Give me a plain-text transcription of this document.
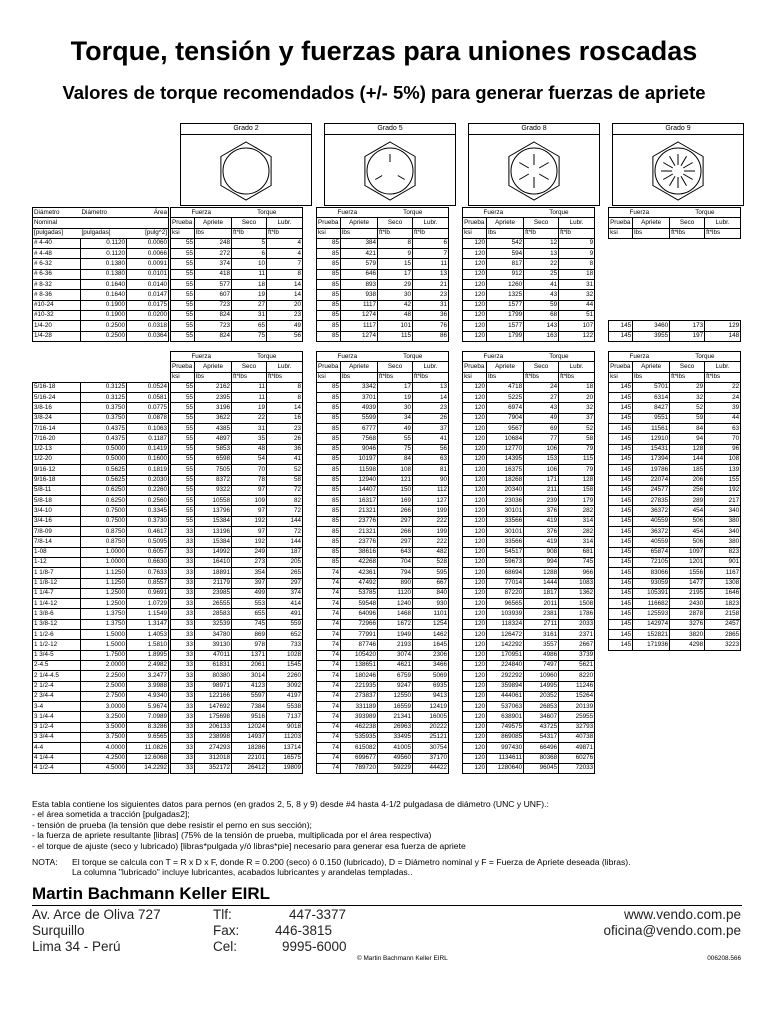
Torque, tensión y fuerzas para uniones roscadas
Valores de torque recomendados (+/- 5%) para generar fuerzas de apriete
Grado 2	Grado 5	Grado 8	Grado 9
Diámetro	Diámetro	Área		Fuerza		Torque			Fuerza		Torque			Fuerza		Torque			Fuerza		Torque	
Nominal				Prueba	Apriete	Seco	Lubr.		Prueba	Apriete	Seco	Lubr.		Prueba	Apriete	Seco	Lubr.		Prueba	Apriete	Seco	Lubr.
[pulgadas]	[pulgadas]	[pulg^2]		ksi	lbs	ft*lb	ft*lb		ksi	lbs	ft*lb	ft*lb		ksi	lbs	ft*lb	ft*lb		ksi	lbs	ft*lbs	ft*lbs
# 4-40	0.1120	0.0060		55	248	5	4		85	384	8	6		120	542	12	9					
# 4-48	0.1120	0.0066		55	272	6	4		85	421	9	7		120	594	13	9					
# 6-32	0.1380	0.0091		55	374	10	7		85	579	15	11		120	817	22	8					
# 6-36	0.1380	0.0101		55	418	11	8		85	646	17	13		120	912	25	18					
# 8-32	0.1640	0.0140		55	577	18	14		85	893	29	21		120	1260	41	31					
# 8-36	0.1640	0.0147		55	607	19	14		85	938	30	23		120	1325	43	32					
#10-24	0.1900	0.0175		55	723	27	20		85	1117	42	31		120	1577	59	44					
#10-32	0.1900	0.0200		55	824	31	23		85	1274	48	36		120	1799	68	51					
1/4-20	0.2500	0.0318		55	723	65	49		85	1117	101	76		120	1577	143	107		145	3460	173	129
1/4-28	0.2500	0.0364		55	824	75	56		85	1274	115	86		120	1799	163	122		145	3955	197	148
				Fuerza		Torque			Fuerza		Torque			Fuerza		Torque			Fuerza		Torque	
				Prueba	Apriete	Seco	Lubr.		Prueba	Apriete	Seco	Lubr.		Prueba	Apriete	Seco	Lubr.		Prueba	Apriete	Seco	Lubr.
				ksi	lbs	ft*lbs	ft*lbs		ksi	lbs	ft*lbs	ft*lbs		ksi	lbs	ft*lbs	ft*lbs		ksi	lbs	ft*lbs	ft*lbs
5/16-18	0.3125	0.0524		55	2162	11	8		85	3342	17	13		120	4718	24	18		145	5701	29	22
5/16-24	0.3125	0.0581		55	2395	11	8		85	3701	19	14		120	5225	27	20		145	6314	32	24
3/8-16	0.3750	0.0775		55	3196	19	14		85	4939	30	23		120	6974	43	32		145	8427	52	39
3/8-24	0.3750	0.0878		55	3622	22	16		85	5599	34	26		120	7904	49	37		145	9551	59	44
7/16-14	0.4375	0.1063		55	4385	31	23		85	6777	49	37		120	9567	69	52		145	11561	84	63
7/16-20	0.4375	0.1187		55	4897	35	26		85	7568	55	41		120	10684	77	58		145	12910	94	70
1/2-13	0.5000	0.1419		55	5853	48	36		85	9046	75	56		120	12770	106	79		145	15431	128	96
1/2-20	0.5000	0.1600		55	6598	54	41		85	10197	84	63		120	14395	153	115		145	17394	144	108
9/16-12	0.5625	0.1819		55	7505	70	52		85	11598	108	81		120	16375	106	79		145	19786	185	139
9/16-18	0.5625	0.2030		55	8372	78	58		85	12940	121	90		120	18268	171	128		145	22074	206	155
5/8-11	0.6250	0.2260		55	9322	97	72		85	14407	150	112		120	20340	211	158		145	24577	256	192
5/8-18	0.6250	0.2560		55	10558	109	82		85	16317	169	127		120	23036	239	179		145	27835	289	217
3/4-10	0.7500	0.3345		55	13796	97	72		85	21321	266	199		120	30101	376	282		145	36372	454	340
3/4-16	0.7500	0.3730		55	15384	192	144		85	23776	297	222		120	33566	419	314		145	40559	506	380
7/8-09	0.8750	0.4617		33	13196	97	72		85	21321	266	199		120	30101	376	282		145	36372	454	340
7/8-14	0.8750	0.5095		33	15384	192	144		85	23776	297	222		120	33566	419	314		145	40559	506	380
1-08	1.0000	0.6057		33	14992	249	187		85	38616	643	482		120	54517	908	681		145	65874	1097	823
1-12	1.0000	0.6630		33	16410	273	205		85	42268	704	528		120	59673	994	745		145	72105	1201	901
1 1/8-7	1.1250	0.7633		33	18891	354	265		74	42361	794	595		120	68694	1288	966		145	83066	1556	1167
1 1/8-12	1.1250	0.8557		33	21179	397	297		74	47492	890	667		120	77014	1444	1083		145	93059	1477	1308
1 1/4-7	1.2500	0.9691		33	23985	499	374		74	53785	1120	840		120	87220	1817	1362		145	105391	2195	1646
1 1/4-12	1.2500	1.0729		33	26555	553	414		74	59548	1240	930		120	96565	2011	1508		145	116682	2430	1823
1 3/8-6	1.3750	1.1549		33	28583	655	491		74	64096	1468	1101		120	103939	2381	1786		145	125593	2878	2158
1 3/8-12	1.3750	1.3147		33	32539	745	559		74	72966	1672	1254		120	118324	2711	2033		145	142974	3276	2457
1 1/2-6	1.5000	1.4053		33	34780	869	652		74	77991	1949	1462		120	126472	3161	2371		145	152821	3820	2865
1 1/2-12	1.5000	1.5810		33	39130	978	733		74	87746	2193	1645		120	142292	3557	2667		145	171936	4298	3223
1 3/4-5	1.7500	1.8995		33	47011	1371	1028		74	105420	3074	2306		120	170951	4986	3739					
2-4.5	2.0000	2.4982		33	61831	2061	1545		74	138651	4621	3466		120	224840	7497	5621					
2 1/4-4.5	2.2500	3.2477		33	80380	3014	2260		74	180246	6759	5069		120	292292	10960	8220					
2 1/2-4	2.5000	3.9988		33	98971	4123	3092		74	221935	9247	6935		120	359894	14995	11246					
2 3/4-4	2.7500	4.9340		33	122166	5597	4197		74	273837	12550	9413		120	444061	20352	15264					
3-4	3.0000	5.9674		33	147692	7384	5538		74	331189	16559	12419		120	537063	26853	20139					
3 1/4-4	3.2500	7.0989		33	175698	9516	7137		74	393989	21341	16005		120	638901	34607	25955					
3 1/2-4	3.5000	8.3286		33	206133	12024	9018		74	462238	26963	20222		120	749575	43725	32793					
3 3/4-4	3.7500	9.6565		33	238998	14937	11203		74	535935	33495	25121		120	869085	54317	40738					
4-4	4.0000	11.0826		33	274293	18286	13714		74	615082	41005	30754		120	997430	66496	49871					
4 1/4-4	4.2500	12.6068		33	312018	22101	16575		74	699677	49560	37170		120	1134611	80368	60276					
4 1/2-4	4.5000	14.2292		33	352172	26412	19809		74	789720	59229	44422		120	1280640	96045	72033					
Esta tabla contiene los siguientes datos para pernos (en grados 2, 5, 8 y 9) desde #4 hasta 4-1/2 pulgadasa de diámetro (UNC y UNF).:
- el área sometida a tracción [pulgadas2];
- tensión de prueba (la tensión que debe resistir el perno en sus sección);
- la fuerza de apriete resultante [libras] (75% de la tensión de prueba, multiplicada por el área respectiva)
- el torque de ajuste (seco y lubricado) [libras*pulgada y/ó libras*pie] necesario para generar esa fuerza de apriete
NOTA: El torque se calcula con T = R x D x F, donde R = 0.200 (seco) ó 0.150 (lubricado), D = Diámetro nominal y F = Fuerza de Apriete deseada (libras).
La columna "lubricado" incluye lubricantes, acabados lubricantes y arandelas templadas..
Martin Bachmann Keller EIRL
Av. Arce de Oliva 727
Surquillo
Lima 34 - Perú
Tlf:
Fax:
Cel:
447-3377
446-3815
9995-6000
www.vendo.com.pe
oficina@vendo.com.pe
© Martin Bachmann Keller EIRL	006208.566
